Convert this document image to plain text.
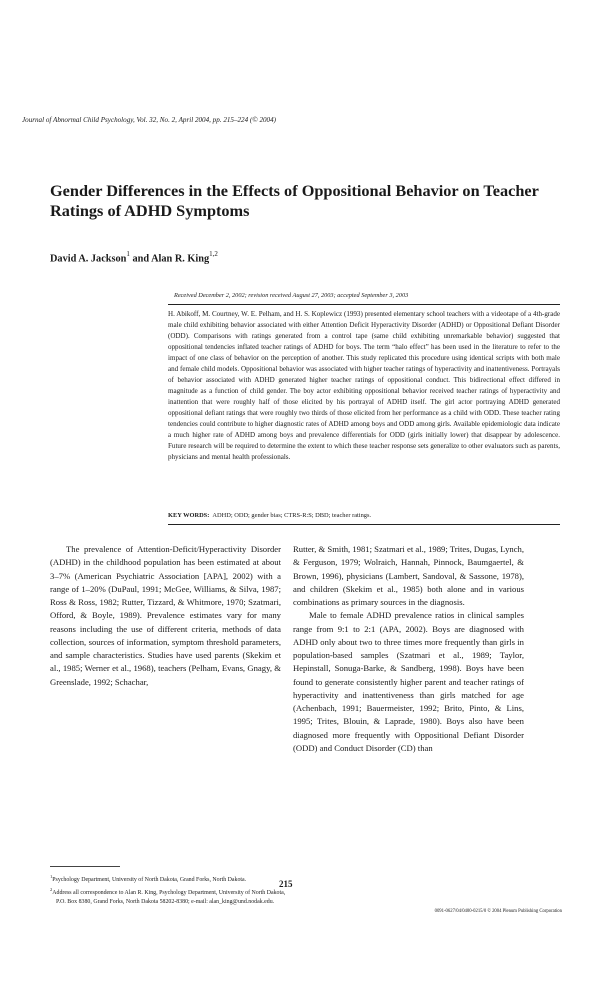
Journal of Abnormal Child Psychology, Vol. 32, No. 2, April 2004, pp. 215–224 (© 2004)
Gender Differences in the Effects of Oppositional Behavior on Teacher Ratings of ADHD Symptoms
David A. Jackson$^1$ and Alan R. King$^{1,2}$
Received December 2, 2002; revision received August 27, 2003; accepted September 3, 2003

H. Abikoff, M. Courtney, W. E. Pelham, and H. S. Koplewicz (1993) presented elementary school teachers with a videotape of a 4th-grade male child exhibiting behavior associated with either Attention Deficit Hyperactivity Disorder (ADHD) or Oppositional Defiant Disorder (ODD). Comparisons with ratings generated from a control tape (same child exhibiting unremarkable behavior) suggested that oppositional tendencies inflated teacher ratings of ADHD for boys. The term “halo effect” has been used in the literature to refer to the impact of one class of behavior on the perception of another. This study replicated this procedure using identical scripts with both male and female child models. Oppositional behavior was associated with higher teacher ratings of hyperactivity and inattentiveness. Portrayals of behavior associated with ADHD generated higher teacher ratings of oppositional conduct. This bidirectional effect differed in magnitude as a function of child gender. The boy actor exhibiting oppositional behavior received teacher ratings of hyperactivity and inattention that were roughly half of those elicited by his portrayal of ADHD itself. The girl actor portraying ADHD generated oppositional defiant ratings that were roughly two thirds of those elicited from her performance as a child with ODD. These teacher rating tendencies could contribute to higher diagnostic rates of ADHD among boys and ODD among girls. Available epidemiologic data indicate a much higher rate of ADHD among boys and prevalence differentials for ODD (girls initially lower) that disappear by adolescence. Future research will be required to determine the extent to which these teacher response sets generalize to other evaluators such as parents, physicians and mental health professionals.

KEY WORDS: ADHD; ODD; gender bias; CTRS-R:S; DBD; teacher ratings.

The prevalence of Attention-Deficit/Hyperactivity Disorder (ADHD) in the childhood population has been estimated at about 3–7% (American Psychiatric Association [APA], 2002) with a range of 1–20% (DuPaul, 1991; McGee, Williams, & Silva, 1987; Ross & Ross, 1982; Rutter, Tizzard, & Whitmore, 1970; Szatmari, Offord, & Boyle, 1989). Prevalence estimates vary for many reasons including the use of different criteria, methods of data collection, sources of information, symptom threshold parameters, and sample characteristics. Studies have used parents (Skekim et al., 1985; Werner et al., 1968), teachers (Pelham, Evans, Gnagy, & Greenslade, 1992; Schachar,

Rutter, & Smith, 1981; Szatmari et al., 1989; Trites, Dugas, Lynch, & Ferguson, 1979; Wolraich, Hannah, Pinnock, Baumgaertel, & Brown, 1996), physicians (Lambert, Sandoval, & Sassone, 1978), and children (Skekim et al., 1985) both alone and in various combinations as primary sources in the diagnosis.
Male to female ADHD prevalence ratios in clinical samples range from 9:1 to 2:1 (APA, 2002). Boys are diagnosed with ADHD only about two to three times more frequently than girls in population-based samples (Szatmari et al., 1989; Taylor, Hepinstall, Sonuga-Barke, & Sandberg, 1998). Boys have been found to generate consistently higher parent and teacher ratings of hyperactivity and inattentiveness than girls matched for age (Achenbach, 1991; Bauermeister, 1992; Brito, Pinto, & Lins, 1995; Trites, Blouin, & Laprade, 1980). Boys also have been diagnosed more frequently with Oppositional Defiant Disorder (ODD) and Conduct Disorder (CD) than

$^1$Psychology Department, University of North Dakota, Grand Forks, North Dakota.

$^2$Address all correspondence to Alan R. King, Psychology Department, University of North Dakota, P.O. Box 8380, Grand Forks, North Dakota 58202-8380; e-mail: alan_king@und.nodak.edu.

215
0091-0627/04/0400-0215/0 © 2004 Plenum Publishing Corporation
